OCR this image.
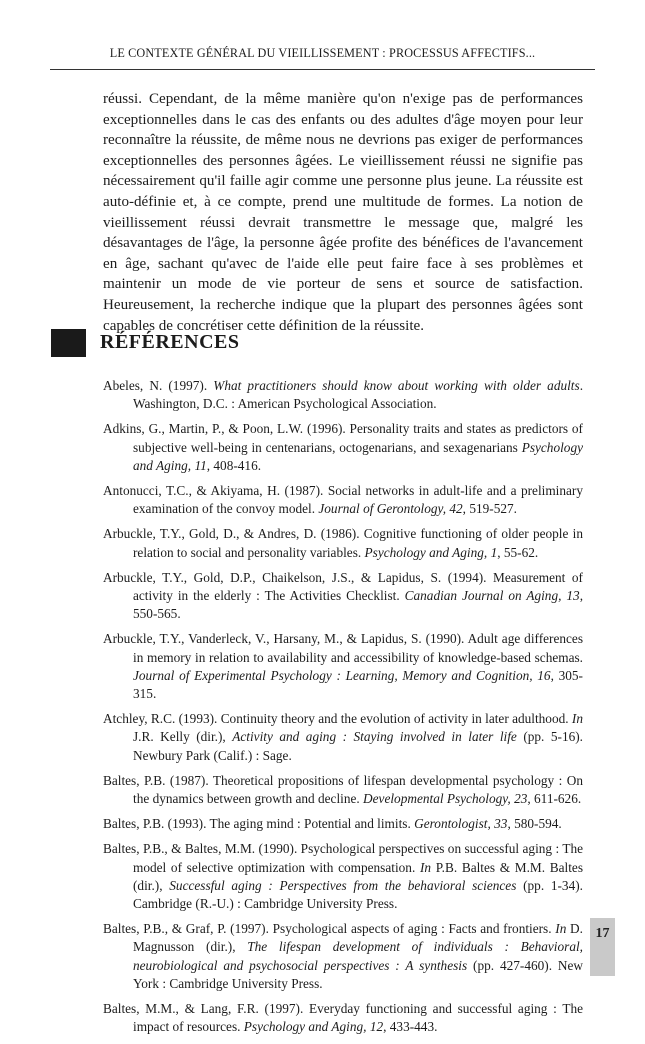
LE CONTEXTE GÉNÉRAL DU VIEILLISSEMENT : PROCESSUS AFFECTIFS...

réussi. Cependant, de la même manière qu'on n'exige pas de performances exceptionnelles dans le cas des enfants ou des adultes d'âge moyen pour leur reconnaître la réussite, de même nous ne devrions pas exiger de performances exceptionnelles des personnes âgées. Le vieillissement réussi ne signifie pas nécessairement qu'il faille agir comme une personne plus jeune. La réussite est auto-définie et, à ce compte, prend une multitude de formes. La notion de vieillissement réussi devrait transmettre le message que, malgré les désavantages de l'âge, la personne âgée profite des bénéfices de l'avancement en âge, sachant qu'avec de l'aide elle peut faire face à ses problèmes et maintenir un mode de vie porteur de sens et source de satisfaction. Heureusement, la recherche indique que la plupart des personnes âgées sont capables de concrétiser cette définition de la réussite.

RÉFÉRENCES
Abeles, N. (1997). What practitioners should know about working with older adults. Washington, D.C. : American Psychological Association.
Adkins, G., Martin, P., & Poon, L.W. (1996). Personality traits and states as predictors of subjective well-being in centenarians, octogenarians, and sexagenarians Psychology and Aging, 11, 408-416.
Antonucci, T.C., & Akiyama, H. (1987). Social networks in adult-life and a preliminary examination of the convoy model. Journal of Gerontology, 42, 519-527.
Arbuckle, T.Y., Gold, D., & Andres, D. (1986). Cognitive functioning of older people in relation to social and personality variables. Psychology and Aging, 1, 55-62.
Arbuckle, T.Y., Gold, D.P., Chaikelson, J.S., & Lapidus, S. (1994). Measurement of activity in the elderly : The Activities Checklist. Canadian Journal on Aging, 13, 550-565.
Arbuckle, T.Y., Vanderleck, V., Harsany, M., & Lapidus, S. (1990). Adult age differences in memory in relation to availability and accessibility of knowledge-based schemas. Journal of Experimental Psychology : Learning, Memory and Cognition, 16, 305-315.
Atchley, R.C. (1993). Continuity theory and the evolution of activity in later adulthood. In J.R. Kelly (dir.), Activity and aging : Staying involved in later life (pp. 5-16). Newbury Park (Calif.) : Sage.
Baltes, P.B. (1987). Theoretical propositions of lifespan developmental psychology : On the dynamics between growth and decline. Developmental Psychology, 23, 611-626.
Baltes, P.B. (1993). The aging mind : Potential and limits. Gerontologist, 33, 580-594.
Baltes, P.B., & Baltes, M.M. (1990). Psychological perspectives on successful aging : The model of selective optimization with compensation. In P.B. Baltes & M.M. Baltes (dir.), Successful aging : Perspectives from the behavioral sciences (pp. 1-34). Cambridge (R.-U.) : Cambridge University Press.
Baltes, P.B., & Graf, P. (1997). Psychological aspects of aging : Facts and frontiers. In D. Magnusson (dir.), The lifespan development of individuals : Behavioral, neurobiological and psychosocial perspectives : A synthesis (pp. 427-460). New York : Cambridge University Press.
Baltes, M.M., & Lang, F.R. (1997). Everyday functioning and successful aging : The impact of resources. Psychology and Aging, 12, 433-443.
17
